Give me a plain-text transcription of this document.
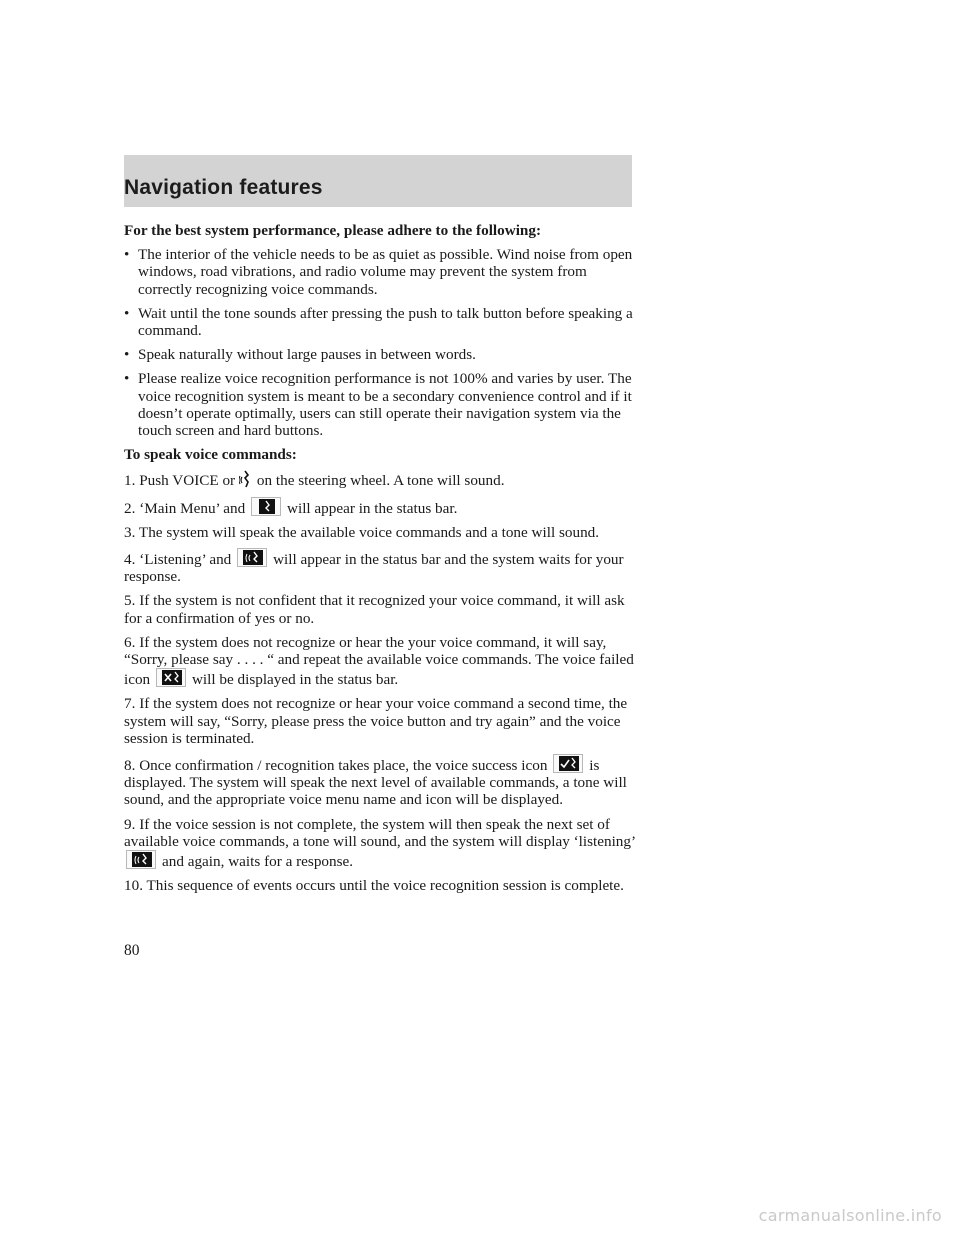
Navigation features

For the best system performance, please adhere to the following:

• The interior of the vehicle needs to be as quiet as possible. Wind noise from open windows, road vibrations, and radio volume may prevent the system from correctly recognizing voice commands.
• Wait until the tone sounds after pressing the push to talk button before speaking a command.
• Speak naturally without large pauses in between words.
• Please realize voice recognition performance is not 100% and varies by user. The voice recognition system is meant to be a secondary convenience control and if it doesn’t operate optimally, users can still operate their navigation system via the touch screen and hard buttons.

To speak voice commands:

1. Push VOICE or on the steering wheel. A tone will sound.

2. ‘Main Menu’ and	will appear in the status bar.

3. The system will speak the available voice commands and a tone will sound.

4. ‘Listening’ and	will appear in the status bar and the system waits for your response.

5. If the system is not confident that it recognized your voice command, it will ask for a confirmation of yes or no.

6. If the system does not recognize or hear the your voice command, it will say, “Sorry, please say . . . . “ and repeat the available voice commands. The voice failed icon	will be displayed in the status bar.

7. If the system does not recognize or hear your voice command a second time, the system will say, “Sorry, please press the voice button and try again” and the voice session is terminated.

8. Once confirmation / recognition takes place, the voice success icon	is displayed. The system will speak the next level of available commands, a tone will sound, and the appropriate voice menu name and icon will be displayed.

9. If the voice session is not complete, the system will then speak the next set of available voice commands, a tone will sound, and the system will display ‘listening’
and again, waits for a response.

10. This sequence of events occurs until the voice recognition session is complete.

80
carmanualsonline.info
